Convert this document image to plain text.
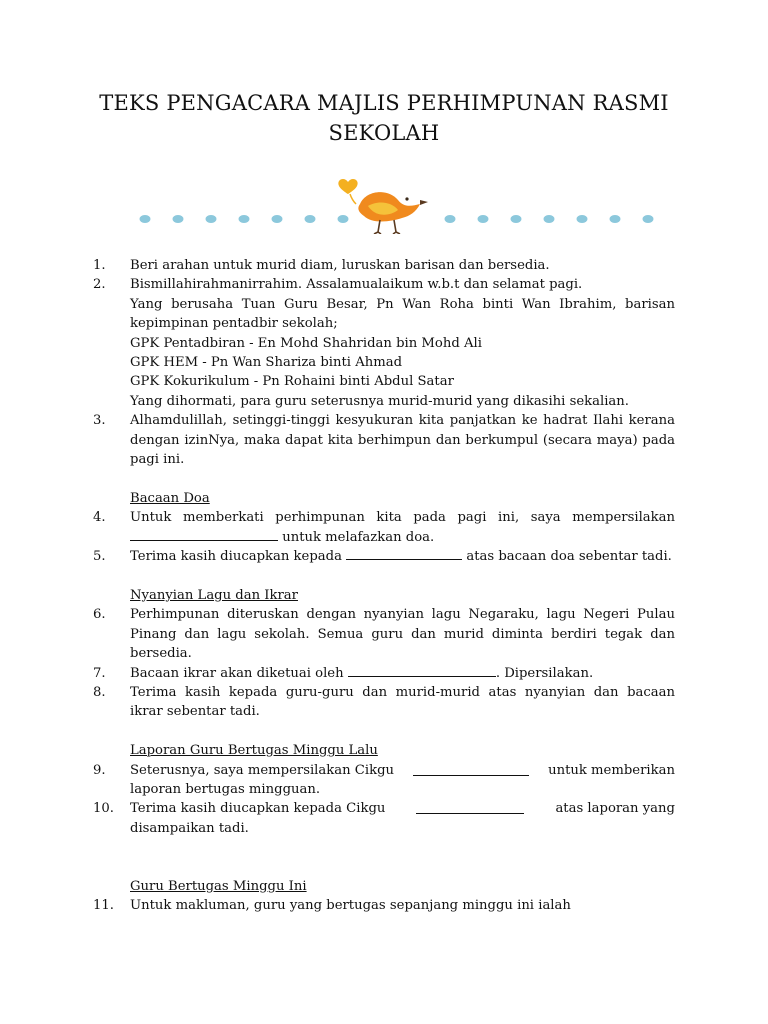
TEKS PENGACARA MAJLIS PERHIMPUNAN RASMI
SEKOLAH
1.	Beri arahan untuk murid diam, luruskan barisan dan bersedia.
2.	Bismillahirahmanirrahim. Assalamualaikum w.b.t dan selamat pagi.
Yang berusaha Tuan Guru Besar, Pn Wan Roha binti Wan Ibrahim, barisan
kepimpinan pentadbir sekolah;
GPK Pentadbiran - En Mohd Shahridan bin Mohd Ali
GPK HEM - Pn Wan Shariza binti Ahmad
GPK Kokurikulum - Pn Rohaini binti Abdul Satar
Yang dihormati, para guru seterusnya murid-murid yang dikasihi sekalian.
3.	Alhamdulillah, setinggi-tinggi kesyukuran kita panjatkan ke hadrat Ilahi kerana
dengan izinNya, maka dapat kita berhimpun dan berkumpul (secara maya) pada
pagi ini.
Bacaan Doa
4.	Untuk memberkati perhimpunan kita pada pagi ini, saya mempersilakan
untuk melafazkan doa.
5.	Terima kasih diucapkan kepada	atas bacaan doa sebentar tadi.
Nyanyian Lagu dan Ikrar
6.	Perhimpunan diteruskan dengan nyanyian lagu Negaraku, lagu Negeri Pulau
Pinang dan lagu sekolah. Semua guru dan murid diminta berdiri tegak dan
bersedia.
7.	Bacaan ikrar akan diketuai oleh	. Dipersilakan.
8.	Terima kasih kepada guru-guru dan murid-murid atas nyanyian dan bacaan
ikrar sebentar tadi.
Laporan Guru Bertugas Minggu Lalu
9.	Seterusnya, saya mempersilakan Cikgu	untuk memberikan
laporan bertugas mingguan.
10.	Terima kasih diucapkan kepada Cikgu	atas laporan yang
disampaikan tadi.
Guru Bertugas Minggu Ini
11.	Untuk makluman, guru yang bertugas sepanjang minggu ini ialah
